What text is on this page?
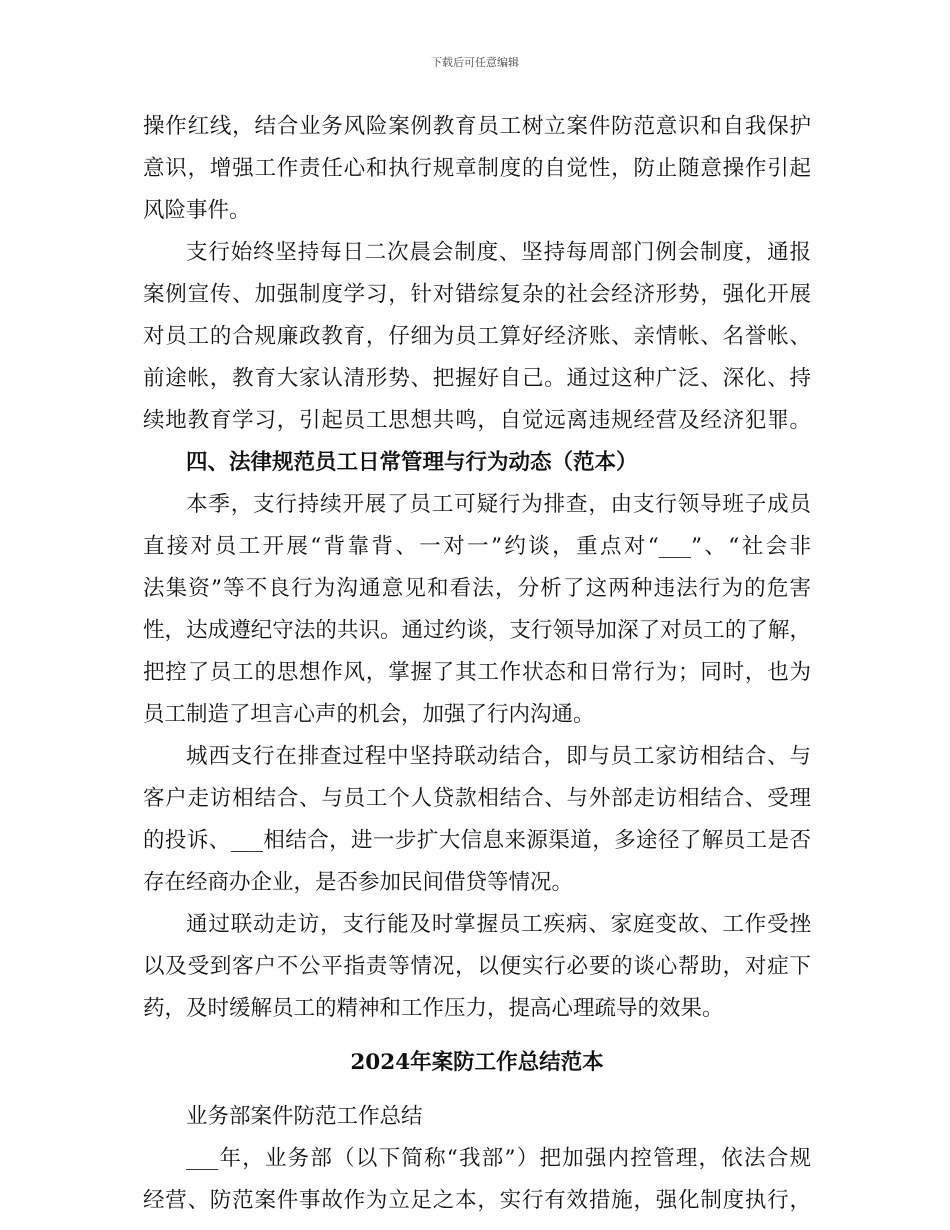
下载后可任意编辑
操作红线，结合业务风险案例教育员工树立案件防范意识和自我保护
意识，增强工作责任心和执行规章制度的自觉性，防止随意操作引起
风险事件。
支行始终坚持每日二次晨会制度、坚持每周部门例会制度，通报
案例宣传、加强制度学习，针对错综复杂的社会经济形势，强化开展
对员工的合规廉政教育，仔细为员工算好经济账、亲情帐、名誉帐、
前途帐，教育大家认清形势、把握好自己。通过这种广泛、深化、持
续地教育学习，引起员工思想共鸣，自觉远离违规经营及经济犯罪。
四、法律规范员工日常管理与行为动态（范本）
本季，支行持续开展了员工可疑行为排查，由支行领导班子成员
直接对员工开展“背靠背、一对一”约谈，重点对“___”、“社会非
法集资”等不良行为沟通意见和看法，分析了这两种违法行为的危害
性，达成遵纪守法的共识。通过约谈，支行领导加深了对员工的了解，
把控了员工的思想作风，掌握了其工作状态和日常行为；同时，也为
员工制造了坦言心声的机会，加强了行内沟通。
城西支行在排查过程中坚持联动结合，即与员工家访相结合、与
客户走访相结合、与员工个人贷款相结合、与外部走访相结合、受理
的投诉、___相结合，进一步扩大信息来源渠道，多途径了解员工是否
存在经商办企业，是否参加民间借贷等情况。
通过联动走访，支行能及时掌握员工疾病、家庭变故、工作受挫
以及受到客户不公平指责等情况，以便实行必要的谈心帮助，对症下
药，及时缓解员工的精神和工作压力，提高心理疏导的效果。
2024年案防工作总结范本
业务部案件防范工作总结
___年，业务部（以下简称“我部”）把加强内控管理，依法合规
经营、防范案件事故作为立足之本，实行有效措施，强化制度执行，
